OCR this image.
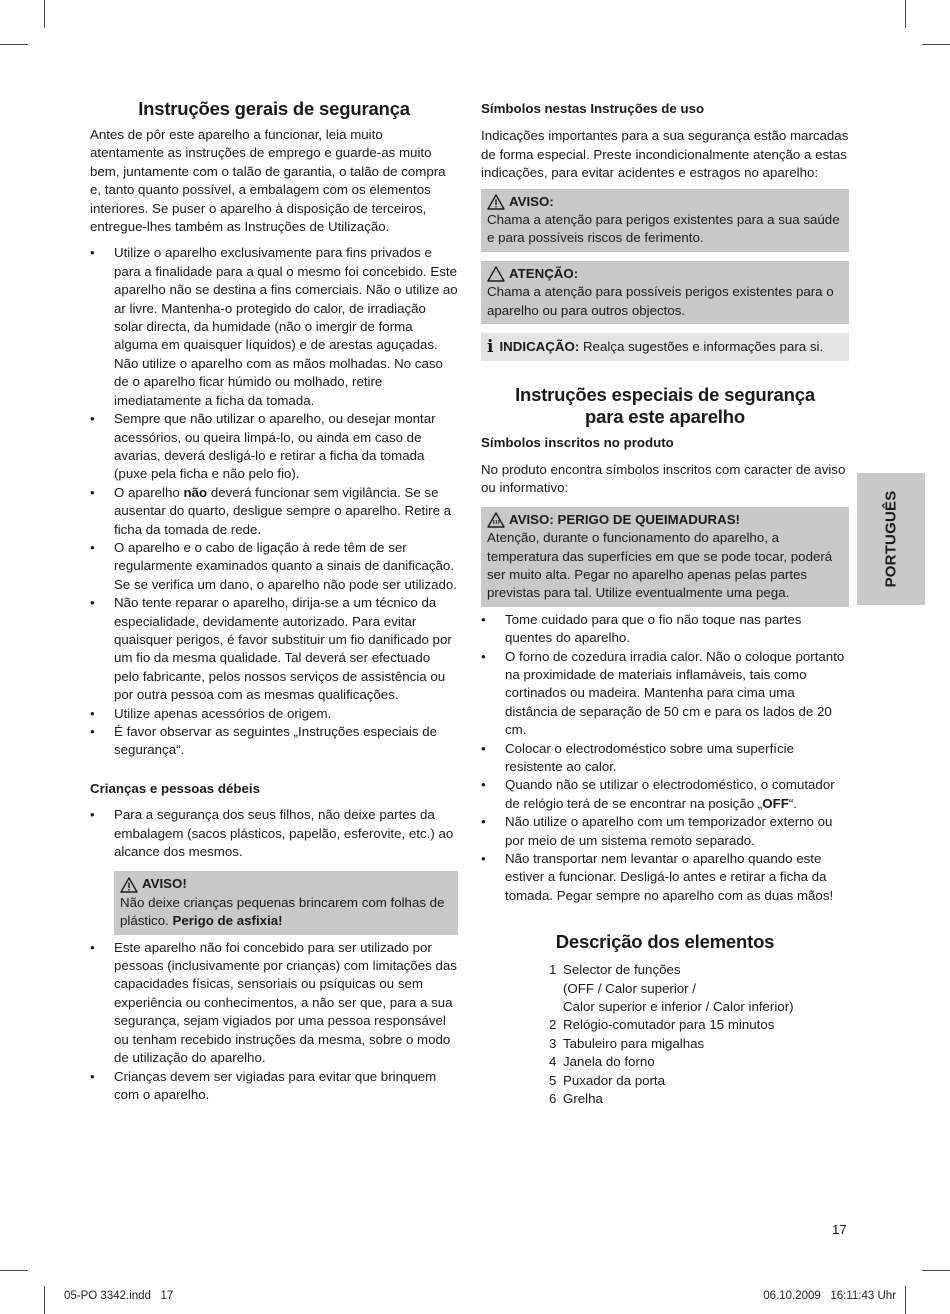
Instruções gerais de segurança

Antes de pôr este aparelho a funcionar, leia muito atentamente as instruções de emprego e guarde-as muito bem, juntamente com o talão de garantia, o talão de compra e, tanto quanto possível, a embalagem com os elementos interiores. Se puser o aparelho à disposição de terceiros, entregue-lhes também as Instruções de Utilização.

• Utilize o aparelho exclusivamente para fins privados e para a finalidade para a qual o mesmo foi concebido. Este aparelho não se destina a fins comerciais. Não o utilize ao ar livre. Mantenha-o protegido do calor, de irradiação solar directa, da humidade (não o imergir de forma alguma em quaisquer líquidos) e de arestas aguçadas. Não utilize o aparelho com as mãos molhadas. No caso de o aparelho ficar húmido ou molhado, retire imediatamente a ficha da tomada.
• Sempre que não utilizar o aparelho, ou desejar montar acessórios, ou queira limpá-lo, ou ainda em caso de avarias, deverá desligá-lo e retirar a ficha da tomada (puxe pela ficha e não pelo fio).
• O aparelho não deverá funcionar sem vigilância. Se se ausentar do quarto, desligue sempre o aparelho. Retire a ficha da tomada de rede.
• O aparelho e o cabo de ligação à rede têm de ser regularmente examinados quanto a sinais de danificação. Se se verifica um dano, o aparelho não pode ser utilizado.
• Não tente reparar o aparelho, dirija-se a um técnico da especialidade, devidamente autorizado. Para evitar quaisquer perigos, é favor substituir um fio danificado por um fio da mesma qualidade. Tal deverá ser efectuado pelo fabricante, pelos nossos serviços de assistência ou por outra pessoa com as mesmas qualificações.
• Utilize apenas acessórios de origem.
• É favor observar as seguintes „Instruções especiais de segurança“.
Crianças e pessoas débeis
• Para a segurança dos seus filhos, não deixe partes da embalagem (sacos plásticos, papelão, esferovite, etc.) ao alcance dos mesmos.
AVISO!
Não deixe crianças pequenas brincarem com folhas de plástico. Perigo de asfixia!
• Este aparelho não foi concebido para ser utilizado por pessoas (inclusivamente por crianças) com limitações das capacidades físicas, sensoriais ou psíquicas ou sem experiência ou conhecimentos, a não ser que, para a sua segurança, sejam vigiados por uma pessoa responsável ou tenham recebido instruções da mesma, sobre o modo de utilização do aparelho.
• Crianças devem ser vigiadas para evitar que brinquem com o aparelho.
Símbolos nestas Instruções de uso

Indicações importantes para a sua segurança estão marcadas de forma especial. Preste incondicionalmente atenção a estas indicações, para evitar acidentes e estragos no aparelho:

AVISO:
Chama a atenção para perigos existentes para a sua saúde e para possíveis riscos de ferimento.
ATENÇÃO:
Chama a atenção para possíveis perigos existentes para o aparelho ou para outros objectos.
i INDICAÇÃO: Realça sugestões e informações para si.
Instruções especiais de segurança
para este aparelho
Símbolos inscritos no produto

No produto encontra símbolos inscritos com caracter de aviso ou informativo:

AVISO: PERIGO DE QUEIMADURAS!
Atenção, durante o funcionamento do aparelho, a temperatura das superfícies em que se pode tocar, poderá ser muito alta. Pegar no aparelho apenas pelas partes previstas para tal. Utilize eventualmente uma pega.
• Tome cuidado para que o fio não toque nas partes quentes do aparelho.
• O forno de cozedura irradia calor. Não o coloque portanto na proximidade de materiais inflamáveis, tais como cortinados ou madeira. Mantenha para cima uma distância de separação de 50 cm e para os lados de 20 cm.
• Colocar o electrodoméstico sobre uma superfície resistente ao calor.
• Quando não se utilizar o electrodoméstico, o comutador de relógio terá de se encontrar na posição „OFF“.
• Não utilize o aparelho com um temporizador externo ou por meio de um sistema remoto separado.
• Não transportar nem levantar o aparelho quando este estiver a funcionar. Desligá-lo antes e retirar a ficha da tomada. Pegar sempre no aparelho com as duas mãos!
Descrição dos elementos
1 Selector de funções
(OFF / Calor superior /
Calor superior e inferior / Calor inferior)
2 Relógio-comutador para 15 minutos
3 Tabuleiro para migalhas
4 Janela do forno
5 Puxador da porta
6 Grelha
PORTUGUÊS
17
05-PO 3342.indd   17	06.10.2009   16:11:43 Uhr
